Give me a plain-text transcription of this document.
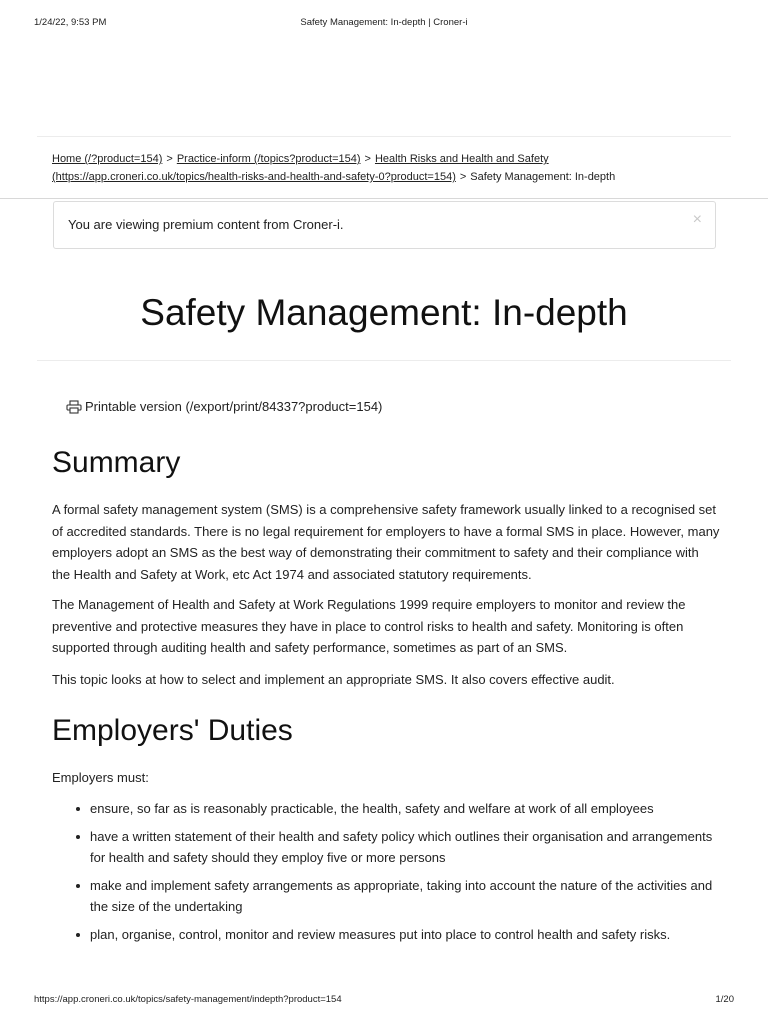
1/24/22, 9:53 PM	Safety Management: In-depth | Croner-i
Home (/?product=154) > Practice-inform (/topics?product=154) > Health Risks and Health and Safety
(https://app.croneri.co.uk/topics/health-risks-and-health-and-safety-0?product=154) > Safety Management: In-depth
You are viewing premium content from Croner-i.	×
Safety Management: In-depth
Printable version (/export/print/84337?product=154)
Summary

A formal safety management system (SMS) is a comprehensive safety framework usually linked to a recognised set of accredited standards. There is no legal requirement for employers to have a formal SMS in place. However, many employers adopt an SMS as the best way of demonstrating their commitment to safety and their compliance with the Health and Safety at Work, etc Act 1974 and associated statutory requirements.

The Management of Health and Safety at Work Regulations 1999 require employers to monitor and review the preventive and protective measures they have in place to control risks to health and safety. Monitoring is often supported through auditing health and safety performance, sometimes as part of an SMS.

This topic looks at how to select and implement an appropriate SMS. It also covers effective audit.

Employers' Duties

Employers must:

ensure, so far as is reasonably practicable, the health, safety and welfare at work of all employees
have a written statement of their health and safety policy which outlines their organisation and arrangements for health and safety should they employ five or more persons
make and implement safety arrangements as appropriate, taking into account the nature of the activities and the size of the undertaking
plan, organise, control, monitor and review measures put into place to control health and safety risks.
https://app.croneri.co.uk/topics/safety-management/indepth?product=154	1/20
